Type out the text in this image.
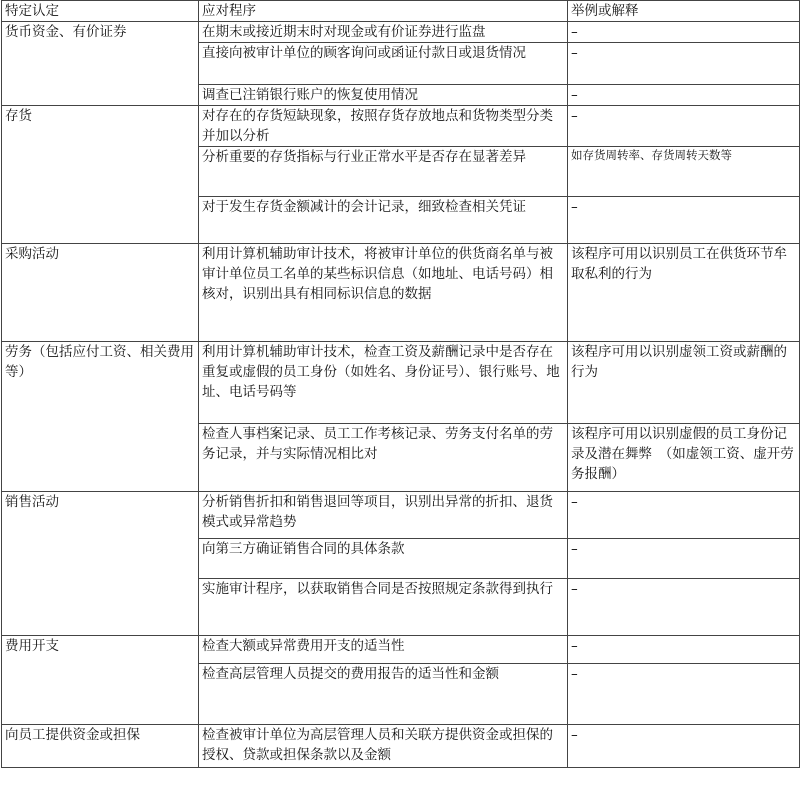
特定认定	应对程序	举例或解释
货币资金、有价证券	在期末或接近期末时对现金或有价证券进行监盘	–
	直接向被审计单位的顾客询问或函证付款日或退货情况	–
	调查已注销银行账户的恢复使用情况	–
存货	对存在的存货短缺现象，按照存货存放地点和货物类型分类并加以分析	–
	分析重要的存货指标与行业正常水平是否存在显著差异	如存货周转率、存货周转天数等
	对于发生存货金额减计的会计记录，细致检查相关凭证	–
采购活动	利用计算机辅助审计技术，将被审计单位的供货商名单与被审计单位员工名单的某些标识信息（如地址、电话号码）相核对，识别出具有相同标识信息的数据	该程序可用以识别员工在供货环节牟取私利的行为
劳务（包括应付工资、相关费用等）	利用计算机辅助审计技术，检查工资及薪酬记录中是否存在重复或虚假的员工身份（如姓名、身份证号）、银行账号、地址、电话号码等	该程序可用以识别虚领工资或薪酬的行为
	检查人事档案记录、员工工作考核记录、劳务支付名单的劳务记录，并与实际情况相比对	该程序可用以识别虚假的员工身份记录及潜在舞弊　（如虚领工资、虚开劳务报酬）
销售活动	分析销售折扣和销售退回等项目，识别出异常的折扣、退货模式或异常趋势	–
	向第三方确证销售合同的具体条款	–
	实施审计程序，以获取销售合同是否按照规定条款得到执行	–
费用开支	检查大额或异常费用开支的适当性	–
	检查高层管理人员提交的费用报告的适当性和金额	–
向员工提供资金或担保	检查被审计单位为高层管理人员和关联方提供资金或担保的授权、贷款或担保条款以及金额	–
